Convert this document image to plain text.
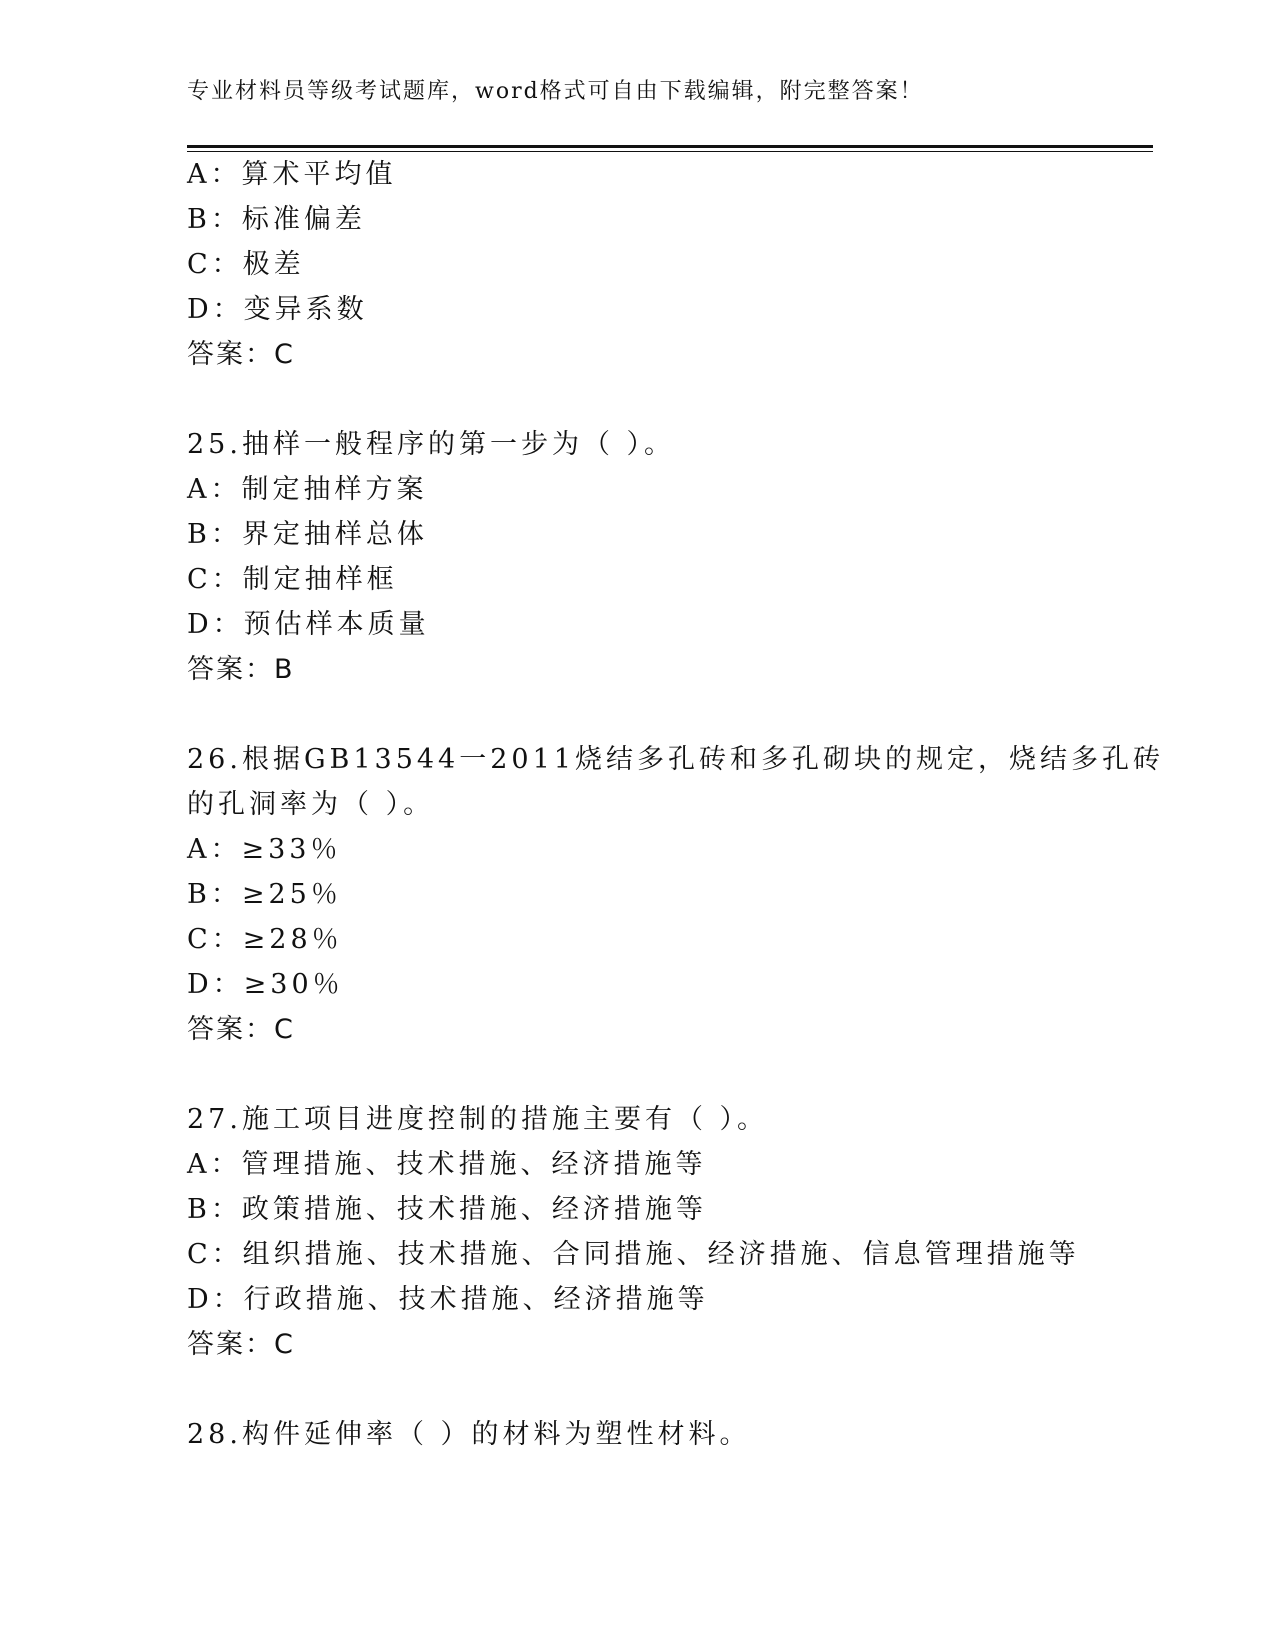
专业材料员等级考试题库，word格式可自由下载编辑，附完整答案！
A：算术平均值
B：标准偏差
C：极差
D：变异系数
答案：C
25.抽样一般程序的第一步为（ ）。
A：制定抽样方案
B：界定抽样总体
C：制定抽样框
D：预估样本质量
答案：B
26.根据GB13544一2011烧结多孔砖和多孔砌块的规定，烧结多孔砖
的孔洞率为（ ）。
A：≥33％
B：≥25％
C：≥28％
D：≥30％
答案：C
27.施工项目进度控制的措施主要有（ ）。
A：管理措施、技术措施、经济措施等
B：政策措施、技术措施、经济措施等
C：组织措施、技术措施、合同措施、经济措施、信息管理措施等
D：行政措施、技术措施、经济措施等
答案：C
28.构件延伸率（ ）的材料为塑性材料。
